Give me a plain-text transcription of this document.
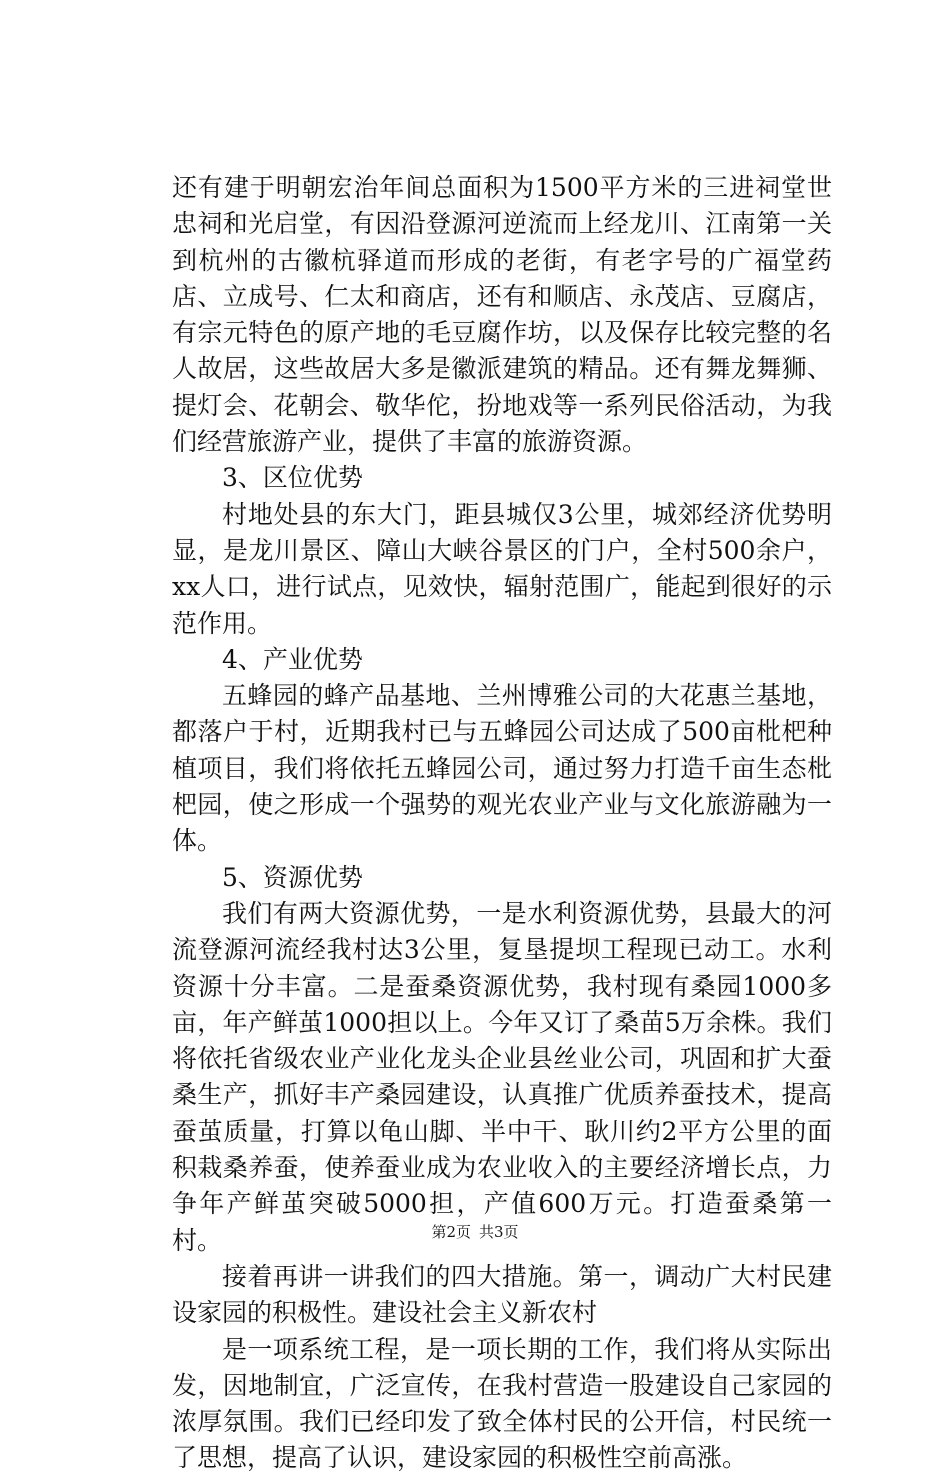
还有建于明朝宏治年间总面积为1500平方米的三进祠堂世忠祠和光启堂，有因沿登源河逆流而上经龙川、江南第一关到杭州的古徽杭驿道而形成的老街，有老字号的广福堂药店、立成号、仁太和商店，还有和顺店、永茂店、豆腐店，有宗元特色的原产地的毛豆腐作坊，以及保存比较完整的名人故居，这些故居大多是徽派建筑的精品。还有舞龙舞狮、提灯会、花朝会、敬华佗，扮地戏等一系列民俗活动，为我们经营旅游产业，提供了丰富的旅游资源。

3、区位优势

村地处县的东大门，距县城仅3公里，城郊经济优势明显，是龙川景区、障山大峡谷景区的门户，全村500余户，xx人口，进行试点，见效快，辐射范围广，能起到很好的示范作用。

4、产业优势

五蜂园的蜂产品基地、兰州博雅公司的大花惠兰基地，都落户于村，近期我村已与五蜂园公司达成了500亩枇杷种植项目，我们将依托五蜂园公司，通过努力打造千亩生态枇杷园，使之形成一个强势的观光农业产业与文化旅游融为一体。

5、资源优势

我们有两大资源优势，一是水利资源优势，县最大的河流登源河流经我村达3公里，复垦提坝工程现已动工。水利资源十分丰富。二是蚕桑资源优势，我村现有桑园1000多亩，年产鲜茧1000担以上。今年又订了桑苗5万余株。我们将依托省级农业产业化龙头企业县丝业公司，巩固和扩大蚕桑生产，抓好丰产桑园建设，认真推广优质养蚕技术，提高蚕茧质量，打算以龟山脚、半中干、耿川约2平方公里的面积栽桑养蚕，使养蚕业成为农业收入的主要经济增长点，力争年产鲜茧突破5000担，产值600万元。打造蚕桑第一村。

接着再讲一讲我们的四大措施。第一，调动广大村民建设家园的积极性。建设社会主义新农村

是一项系统工程，是一项长期的工作，我们将从实际出发，因地制宜，广泛宣传，在我村营造一股建设自己家园的浓厚氛围。我们已经印发了致全体村民的公开信，村民统一了思想，提高了认识，建设家园的积极性空前高涨。

第2页 共3页
